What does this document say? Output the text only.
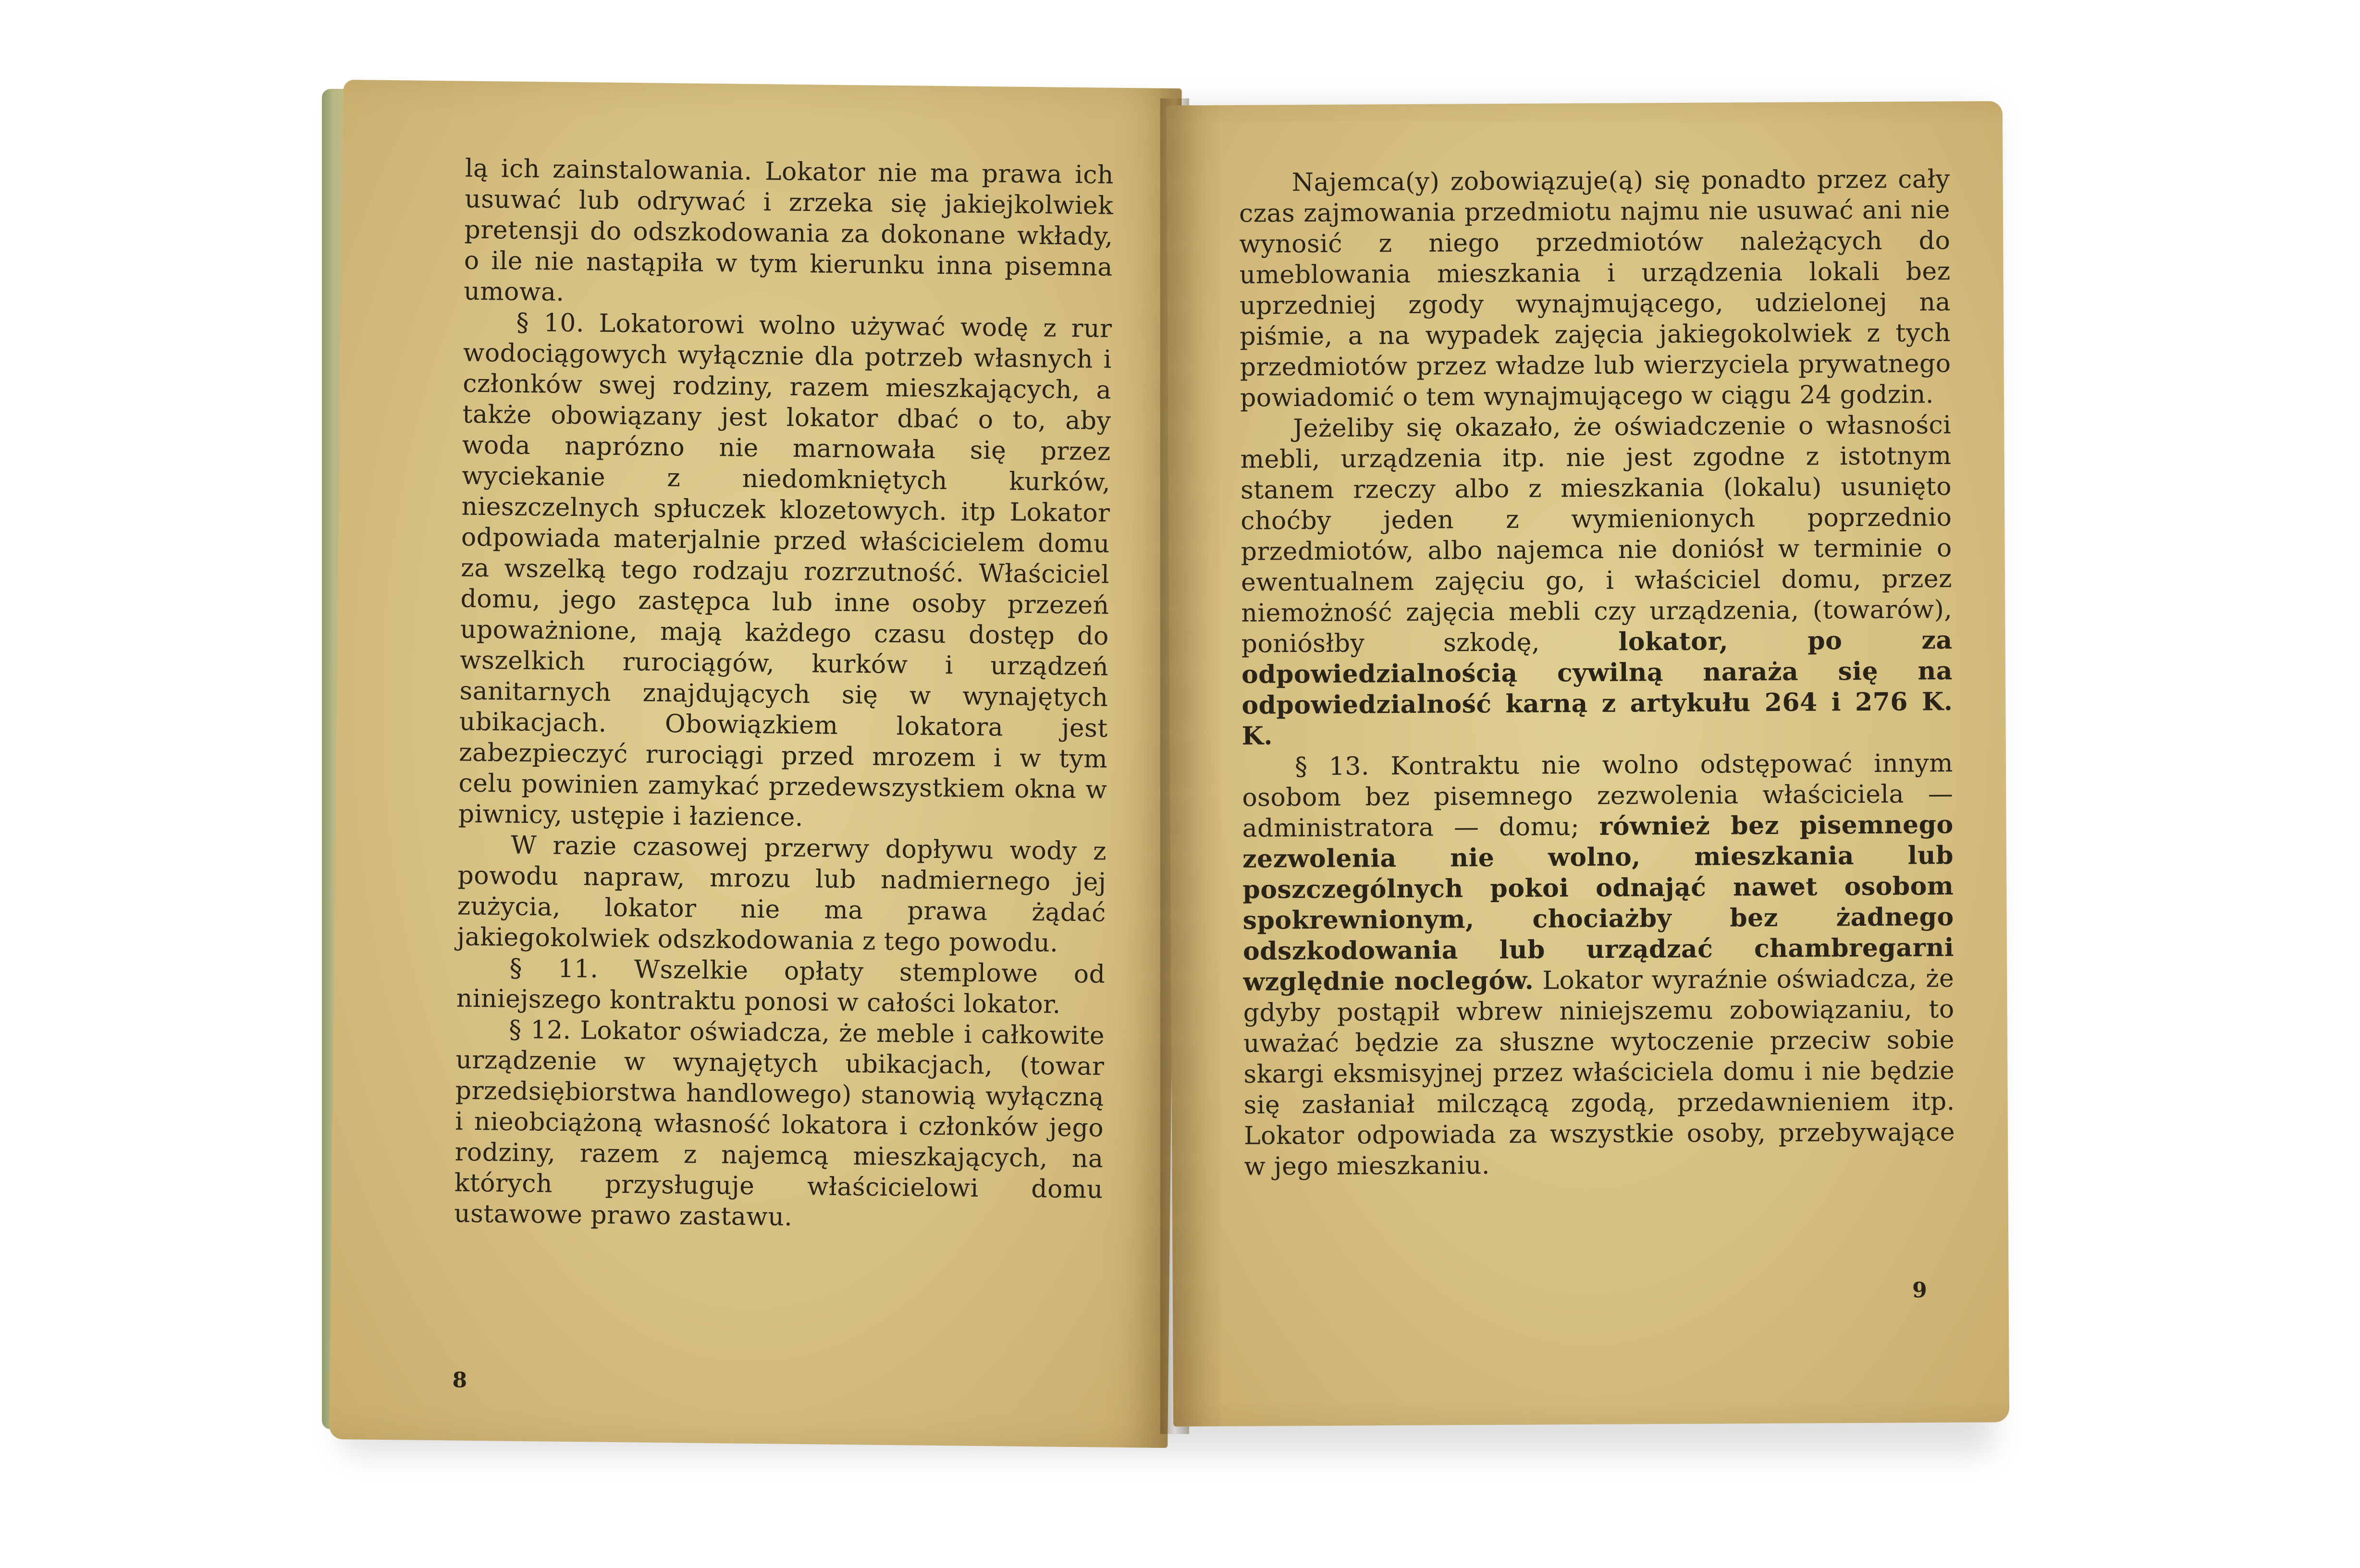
lą ich zainstalowania. Lokator nie ma prawa ich usuwać lub odrywać i zrzeka się jakiejkolwiek pretensji do odszkodowania za dokonane wkłady, o ile nie nastąpiła w tym kierunku inna pisemna umowa.

§ 10. Lokatorowi wolno używać wodę z rur wodociągowych wyłącznie dla potrzeb własnych i członków swej rodziny, razem mieszkających, a także obowiązany jest lokator dbać o to, aby woda naprózno nie marnowała się przez wyciekanie z niedomkniętych kurków, nieszczelnych spłuczek klozetowych. itp Lokator odpowiada materjalnie przed właścicielem domu za wszelką tego rodzaju rozrzutność. Właściciel domu, jego zastępca lub inne osoby przezeń upoważnione, mają każdego czasu dostęp do wszelkich rurociągów, kurków i urządzeń sanitarnych znajdujących się w wynajętych ubikacjach. Obowiązkiem lokatora jest zabezpieczyć rurociągi przed mrozem i w tym celu powinien zamykać przedewszystkiem okna w piwnicy, ustępie i łazience.

W razie czasowej przerwy dopływu wody z powodu napraw, mrozu lub nadmiernego jej zużycia, lokator nie ma prawa żądać jakiegokolwiek odszkodowania z tego powodu.

§ 11. Wszelkie opłaty stemplowe od niniejszego kontraktu ponosi w całości lokator.

§ 12. Lokator oświadcza, że meble i całkowite urządzenie w wynajętych ubikacjach, (towar przedsiębiorstwa handlowego) stanowią wyłączną i nieobciążoną własność lokatora i członków jego rodziny, razem z najemcą mieszkających, na których przysługuje właścicielowi domu ustawowe prawo zastawu.

8

Najemca(y) zobowiązuje(ą) się ponadto przez cały czas zajmowania przedmiotu najmu nie usuwać ani nie wynosić z niego przedmiotów należących do umeblowania mieszkania i urządzenia lokali bez uprzedniej zgody wynajmującego, udzielonej na piśmie, a na wypadek zajęcia jakiegokolwiek z tych przedmiotów przez władze lub wierzyciela prywatnego powiadomić o tem wynajmującego w ciągu 24 godzin.

Jeżeliby się okazało, że oświadczenie o własności mebli, urządzenia itp. nie jest zgodne z istotnym stanem rzeczy albo z mieszkania (lokalu) usunięto choćby jeden z wymienionych poprzednio przedmiotów, albo najemca nie doniósł w terminie o ewentualnem zajęciu go, i właściciel domu, przez niemożność zajęcia mebli czy urządzenia, (towarów), poniósłby szkodę, lokator, po za odpowiedzialnością cywilną naraża się na odpowiedzialność karną z artykułu 264 i 276 K. K.

§ 13. Kontraktu nie wolno odstępować innym osobom bez pisemnego zezwolenia właściciela — administratora — domu; również bez pisemnego zezwolenia nie wolno, mieszkania lub poszczególnych pokoi odnająć nawet osobom spokrewnionym, chociażby bez żadnego odszkodowania lub urządzać chambregarni względnie noclegów. Lokator wyraźnie oświadcza, że gdyby postąpił wbrew niniejszemu zobowiązaniu, to uważać będzie za słuszne wytoczenie przeciw sobie skargi eksmisyjnej przez właściciela domu i nie będzie się zasłaniał milczącą zgodą, przedawnieniem itp. Lokator odpowiada za wszystkie osoby, przebywające w jego mieszkaniu.

9
